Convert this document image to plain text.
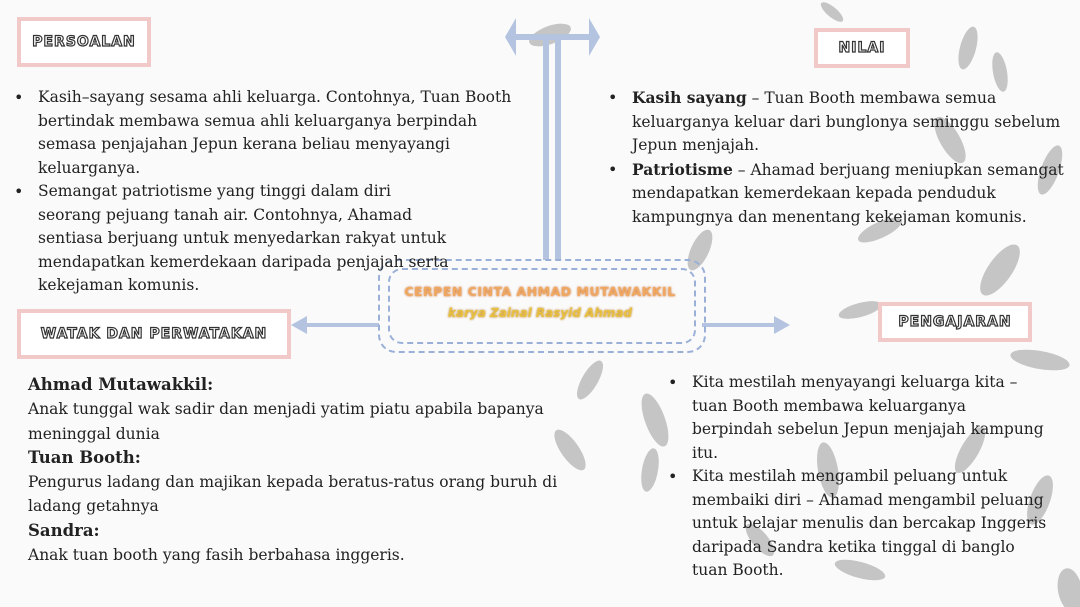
PERSOALAN	NILAI
WATAK DAN PERWATAKAN
PENGAJARAN
CERPEN CINTA AHMAD MUTAWAKKIL
karya Zainal Rasyid Ahmad
• Kasih–sayang sesama ahli keluarga. Contohnya, Tuan Booth bertindak membawa semua ahli keluarganya berpindah semasa penjajahan Jepun kerana beliau menyayangi keluarganya.
• Semangat patriotisme yang tinggi dalam diri seorang pejuang tanah air. Contohnya, Ahamad sentiasa berjuang untuk menyedarkan rakyat untuk mendapatkan kemerdekaan daripada penjajah serta kekejaman komunis.
• Kasih sayang – Tuan Booth membawa semua keluarganya keluar dari bunglonya seminggu sebelum Jepun menjajah.
• Patriotisme – Ahamad berjuang meniupkan semangat mendapatkan kemerdekaan kepada penduduk kampungnya dan menentang kekejaman komunis.
Ahmad Mutawakkil:
Anak tunggal wak sadir dan menjadi yatim piatu apabila bapanya meninggal dunia
Tuan Booth:
Pengurus ladang dan majikan kepada beratus-ratus orang buruh di ladang getahnya
Sandra:
Anak tuan booth yang fasih berbahasa inggeris.
• Kita mestilah menyayangi keluarga kita – tuan Booth membawa keluarganya berpindah sebelun Jepun menjajah kampung itu.
• Kita mestilah mengambil peluang untuk membaiki diri – Ahamad mengambil peluang untuk belajar menulis dan bercakap Inggeris daripada Sandra ketika tinggal di banglo tuan Booth.
